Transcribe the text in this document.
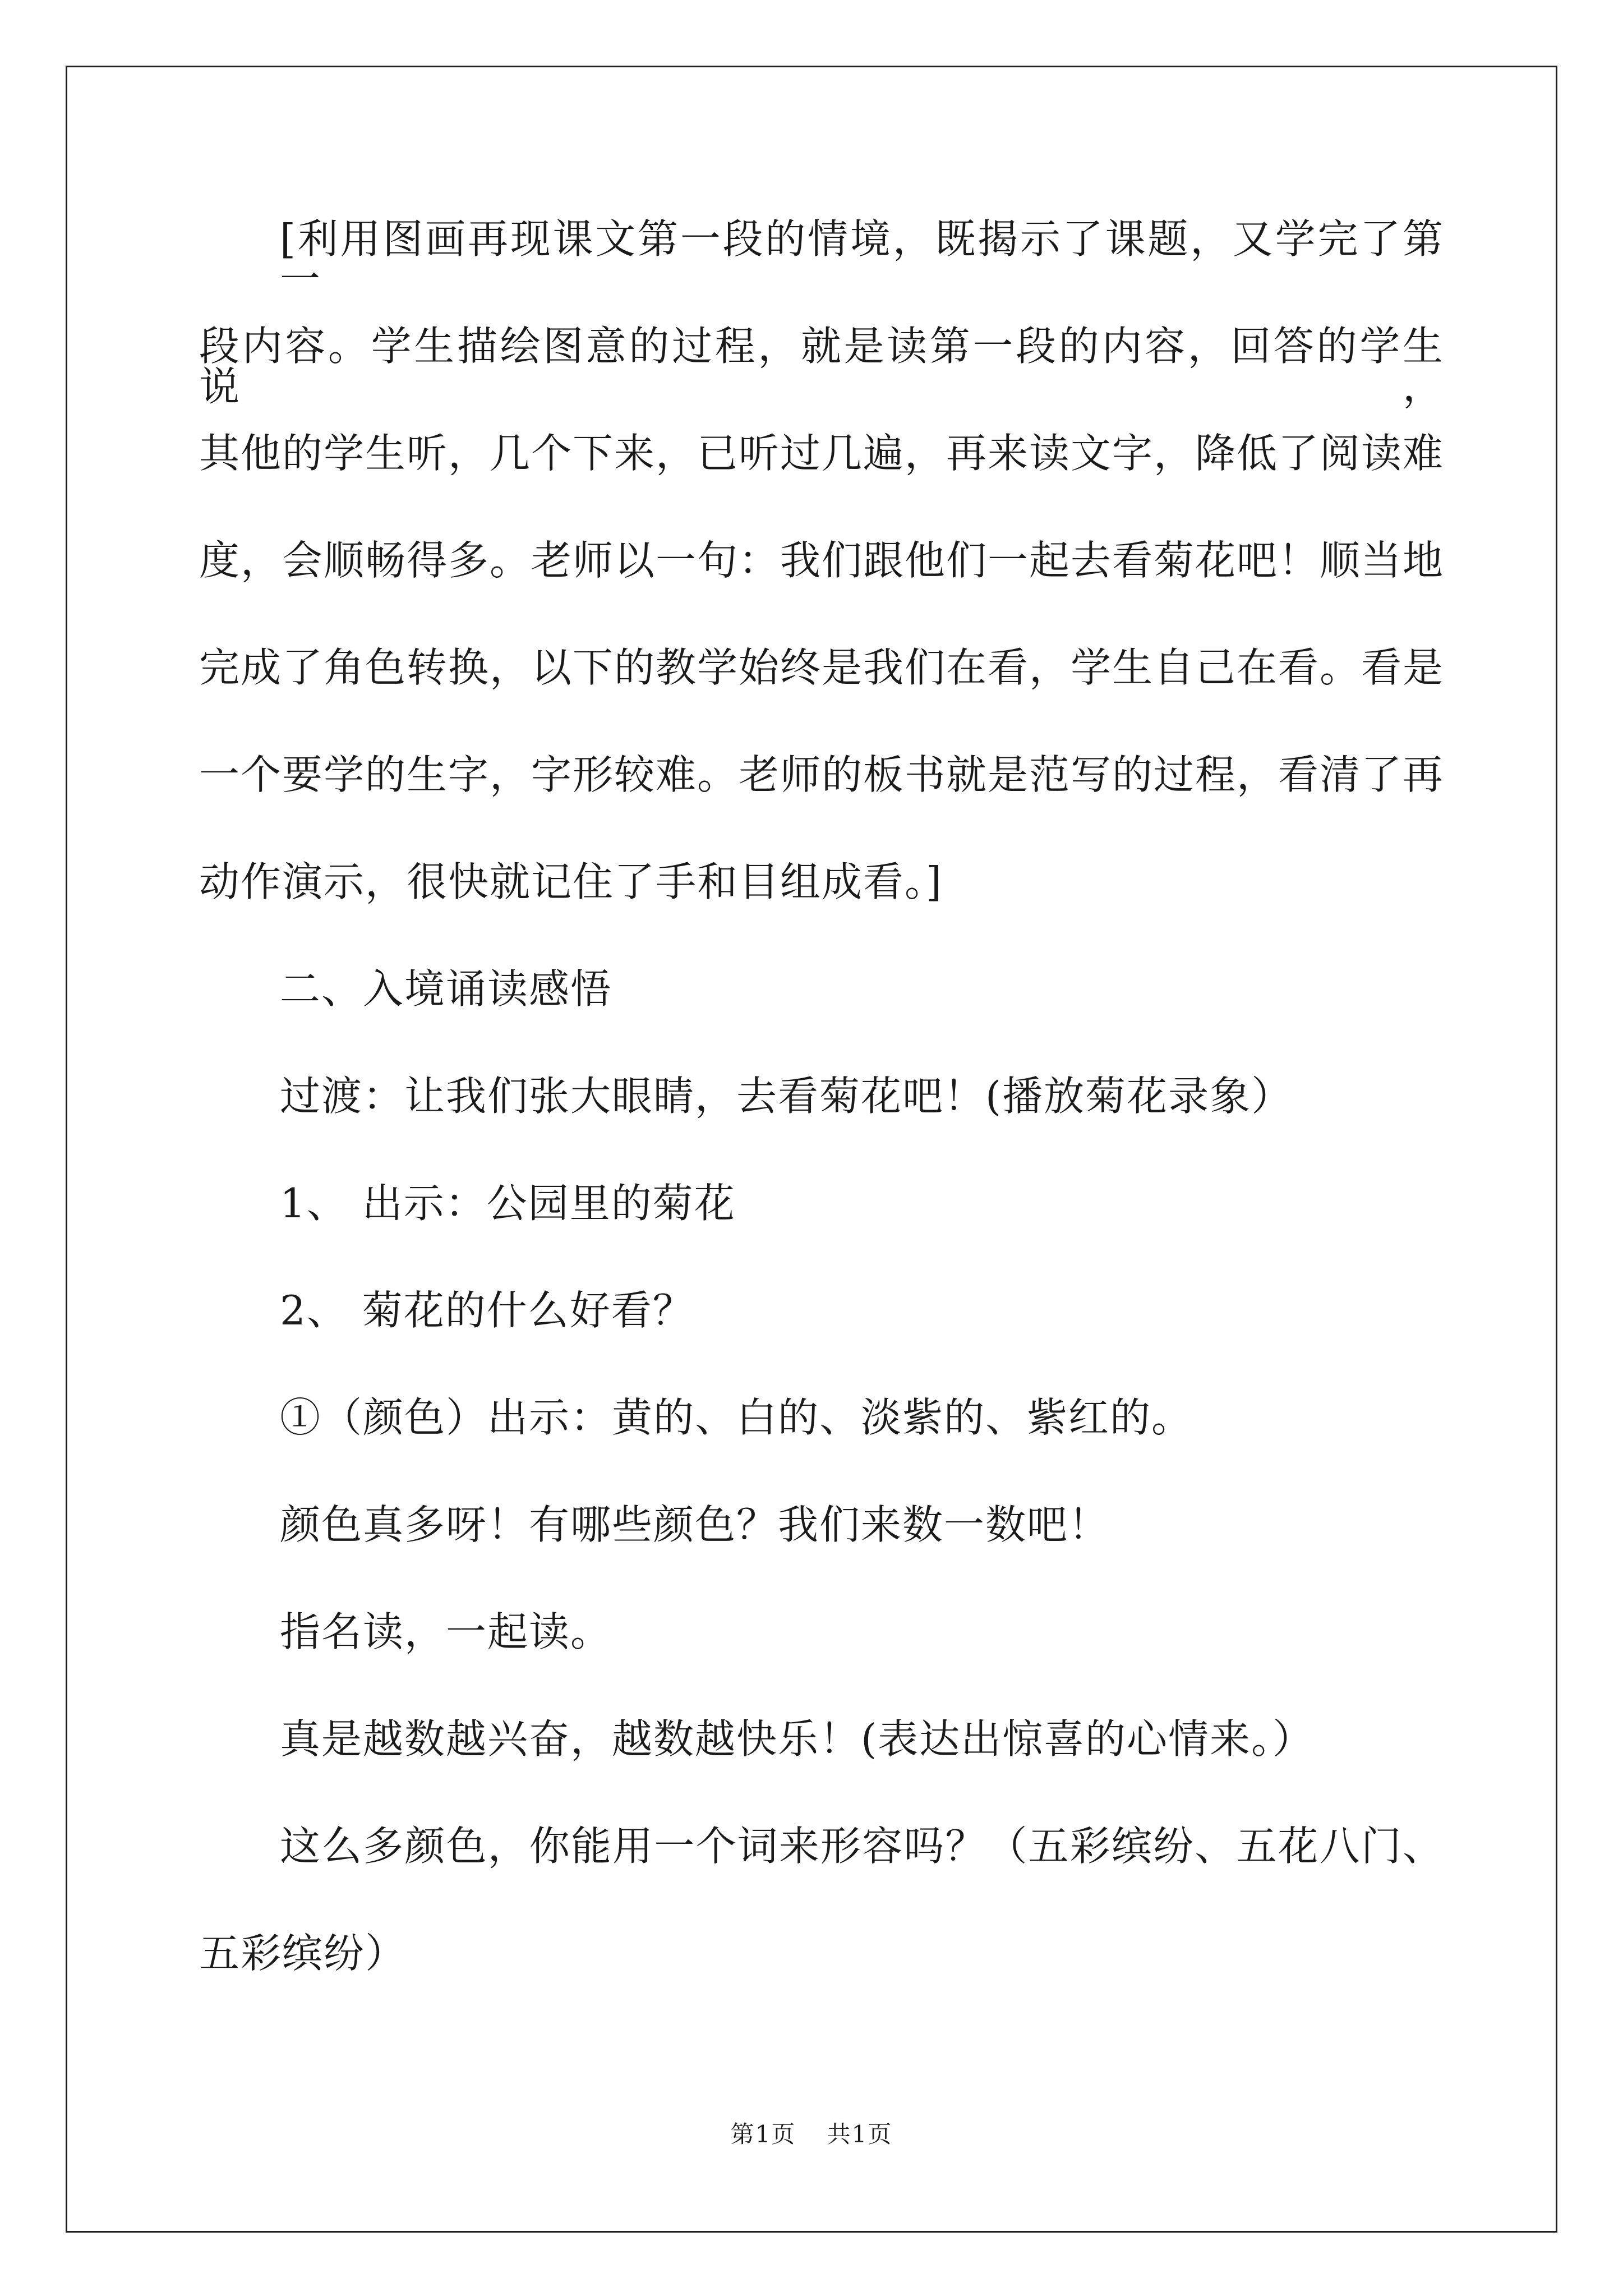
[利用图画再现课文第一段的情境，既揭示了课题，又学完了第一
段内容。学生描绘图意的过程，就是读第一段的内容，回答的学生说，
其他的学生听，几个下来，已听过几遍，再来读文字，降低了阅读难
度，会顺畅得多。老师以一句：我们跟他们一起去看菊花吧！顺当地
完成了角色转换，以下的教学始终是我们在看，学生自己在看。看是
一个要学的生字，字形较难。老师的板书就是范写的过程，看清了再
动作演示，很快就记住了手和目组成看。]
二、入境诵读感悟
过渡：让我们张大眼睛，去看菊花吧！(播放菊花录象）
1、 出示：公园里的菊花
2、 菊花的什么好看？
①（颜色）出示：黄的、白的、淡紫的、紫红的。
颜色真多呀！有哪些颜色？我们来数一数吧！
指名读，一起读。
真是越数越兴奋，越数越快乐！(表达出惊喜的心情来。）
这么多颜色，你能用一个词来形容吗？（五彩缤纷、五花八门、
五彩缤纷）
第1页 共1页
